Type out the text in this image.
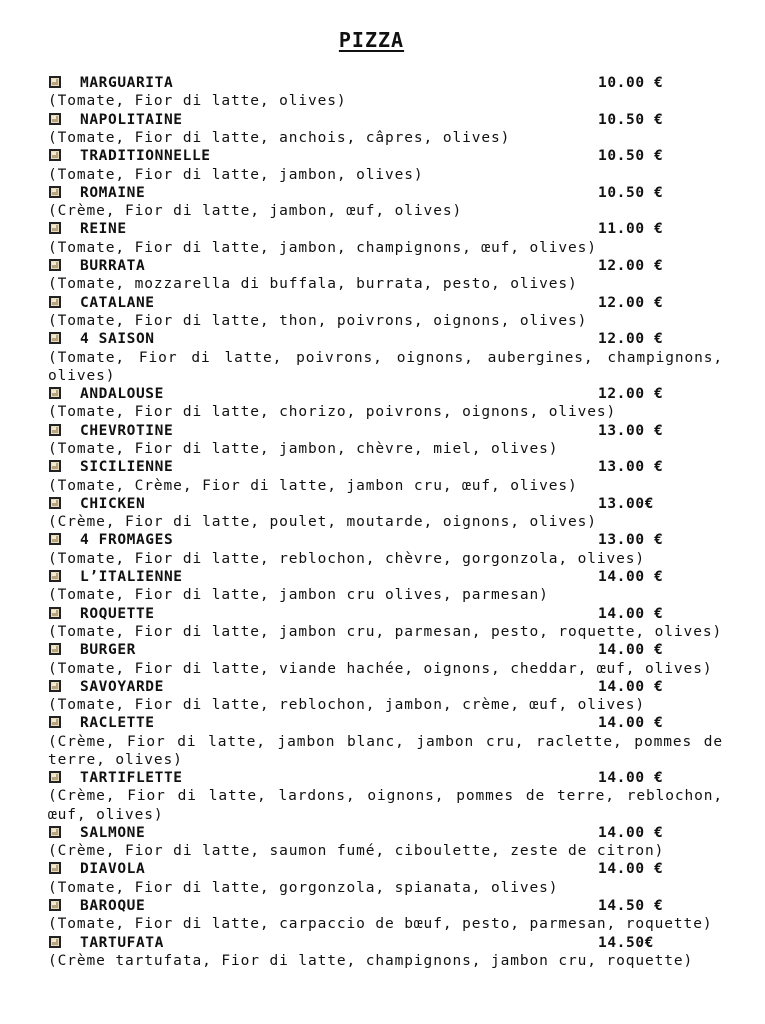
PIZZA
MARGUARITA	10.00 €
(Tomate, Fior di latte, olives)
NAPOLITAINE	10.50 €
(Tomate, Fior di latte, anchois, câpres, olives)
TRADITIONNELLE	10.50 €
(Tomate, Fior di latte, jambon, olives)
ROMAINE	10.50 €
(Crème, Fior di latte, jambon, œuf, olives)
REINE	11.00 €
(Tomate, Fior di latte, jambon, champignons, œuf, olives)
BURRATA	12.00 €
(Tomate, mozzarella di buffala, burrata, pesto, olives)
CATALANE	12.00 €
(Tomate, Fior di latte, thon, poivrons, oignons, olives)
4 SAISON	12.00 €
(Tomate, Fior di latte, poivrons, oignons, aubergines, champignons, olives)
ANDALOUSE	12.00 €
(Tomate, Fior di latte, chorizo, poivrons, oignons, olives)
CHEVROTINE	13.00 €
(Tomate, Fior di latte, jambon, chèvre, miel, olives)
SICILIENNE	13.00 €
(Tomate, Crème, Fior di latte, jambon cru, œuf, olives)
CHICKEN	13.00€
(Crème, Fior di latte, poulet, moutarde, oignons, olives)
4 FROMAGES	13.00 €
(Tomate, Fior di latte, reblochon, chèvre, gorgonzola, olives)
L’ITALIENNE	14.00 €
(Tomate, Fior di latte, jambon cru olives, parmesan)
ROQUETTE	14.00 €
(Tomate, Fior di latte, jambon cru, parmesan, pesto, roquette, olives)
BURGER	14.00 €
(Tomate, Fior di latte, viande hachée, oignons, cheddar, œuf, olives)
SAVOYARDE	14.00 €
(Tomate, Fior di latte, reblochon, jambon, crème, œuf, olives)
RACLETTE	14.00 €
(Crème, Fior di latte, jambon blanc, jambon cru, raclette, pommes de terre, olives)
TARTIFLETTE	14.00 €
(Crème, Fior di latte, lardons, oignons, pommes de terre, reblochon, œuf, olives)
SALMONE	14.00 €
(Crème, Fior di latte, saumon fumé, ciboulette, zeste de citron)
DIAVOLA	14.00 €
(Tomate, Fior di latte, gorgonzola, spianata, olives)
BAROQUE	14.50 €
(Tomate, Fior di latte, carpaccio de bœuf, pesto, parmesan, roquette)
TARTUFATA	14.50€
(Crème tartufata, Fior di latte, champignons, jambon cru, roquette)
